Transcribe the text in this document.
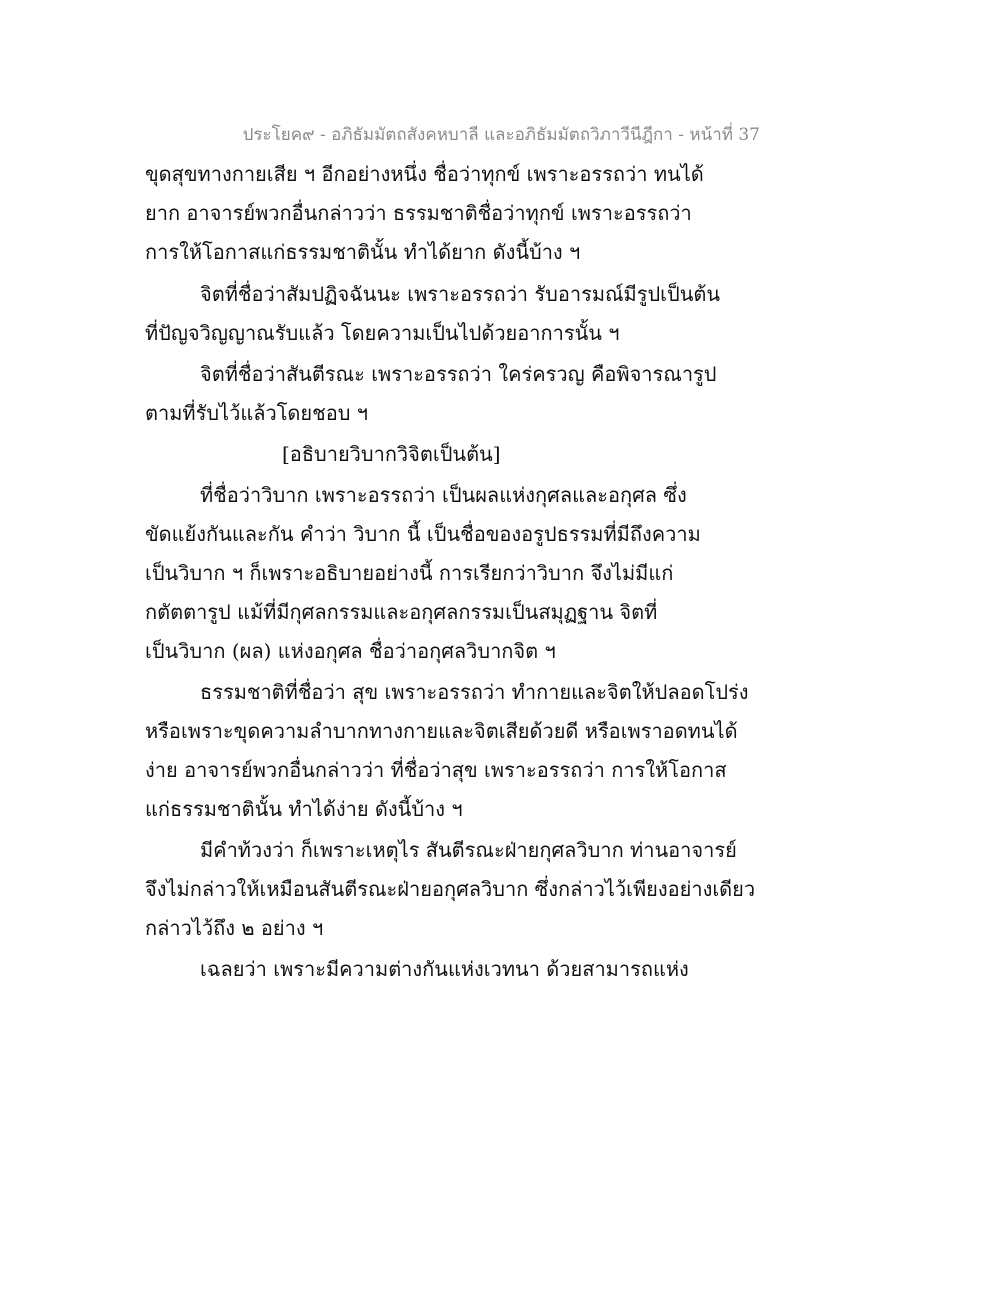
ประโยค๙ - อภิธัมมัตถสังคหบาลี และอภิธัมมัตถวิภาวีนีฎีกา - หน้าที่ 37
ขุดสุขทางกายเสีย ฯ อีกอย่างหนึ่ง ชื่อว่าทุกข์ เพราะอรรถว่า ทนได้
ยาก อาจารย์พวกอื่นกล่าวว่า ธรรมชาติชื่อว่าทุกข์ เพราะอรรถว่า
การให้โอกาสแก่ธรรมชาตินั้น ทำได้ยาก ดังนี้บ้าง ฯ
จิตที่ชื่อว่าสัมปฏิจฉันนะ เพราะอรรถว่า รับอารมณ์มีรูปเป็นต้น
ที่ปัญจวิญญาณรับแล้ว โดยความเป็นไปด้วยอาการนั้น ฯ
จิตที่ชื่อว่าสันตีรณะ เพราะอรรถว่า ใคร่ครวญ คือพิจารณารูป
ตามที่รับไว้แล้วโดยชอบ ฯ
[อธิบายวิบากวิจิตเป็นต้น]
ที่ชื่อว่าวิบาก เพราะอรรถว่า เป็นผลแห่งกุศลและอกุศล ซึ่ง
ขัดแย้งกันและกัน คำว่า วิบาก นี้ เป็นชื่อของอรูปธรรมที่มีถึงความ
เป็นวิบาก ฯ ก็เพราะอธิบายอย่างนี้ การเรียกว่าวิบาก จึงไม่มีแก่
กตัตตารูป แม้ที่มีกุศลกรรมและอกุศลกรรมเป็นสมุฏฐาน จิตที่
เป็นวิบาก (ผล) แห่งอกุศล ชื่อว่าอกุศลวิบากจิต ฯ
ธรรมชาติที่ชื่อว่า สุข เพราะอรรถว่า ทำกายและจิตให้ปลอดโปร่ง
หรือเพราะขุดความลำบากทางกายและจิตเสียด้วยดี หรือเพราอดทนได้
ง่าย อาจารย์พวกอื่นกล่าวว่า ที่ชื่อว่าสุข เพราะอรรถว่า การให้โอกาส
แก่ธรรมชาตินั้น ทำได้ง่าย ดังนี้บ้าง ฯ
มีคำท้วงว่า ก็เพราะเหตุไร สันตีรณะฝ่ายกุศลวิบาก ท่านอาจารย์
จึงไม่กล่าวให้เหมือนสันตีรณะฝ่ายอกุศลวิบาก ซึ่งกล่าวไว้เพียงอย่างเดียว
กล่าวไว้ถึง ๒ อย่าง ฯ
เฉลยว่า เพราะมีความต่างกันแห่งเวทนา ด้วยสามารถแห่ง
